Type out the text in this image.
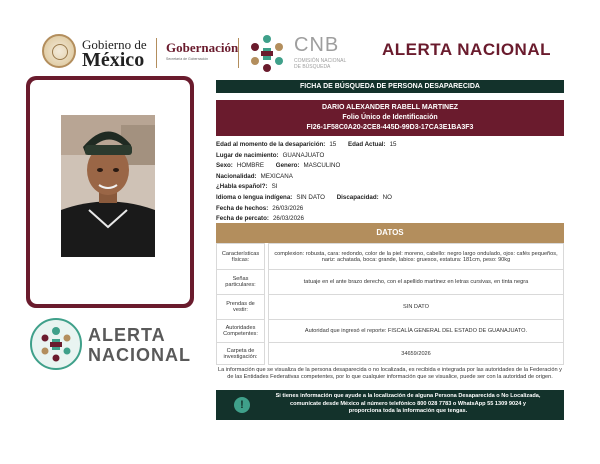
Gobierno de
México
Gobernación
Secretaría de Gobernación
CNB
COMISIÓN NACIONAL
DE BÚSQUEDA
ALERTA NACIONAL
ALERTA
NACIONAL
FICHA DE BÚSQUEDA DE PERSONA DESAPARECIDA
DARIO ALEXANDER RABELL MARTINEZ
Folio Único de Identificación
FI26-1F58C0A20-2CE8-445D-99D3-17CA3E1BA3F3
Edad al momento de la desaparición: 15 Edad Actual: 15
Lugar de nacimiento: GUANAJUATO
Sexo: HOMBRE Genero: MASCULINO
Nacionalidad: MEXICANA
¿Habla español?: SI
Idioma o lengua indígena: SIN DATO Discapacidad: NO
Fecha de hechos: 26/03/2026
Fecha de percato: 26/03/2026
DATOS
Características físicas:		complexion: robusta, cara: redondo, color de la piel: moreno, cabello: negro largo ondulado, ojos: cafés pequeños, nariz: achatada, boca: grande, labios: gruesos, estatura: 181cm, peso: 90kg
Señas particulares:		tatuaje en el ante brazo derecho, con el apellido martinez en letras cursivas, en tinta negra
Prendas de vestir:		SIN DATO
Autoridades Competentes:		Autoridad que ingresó el reporte: FISCALÍA GENERAL DEL ESTADO DE GUANAJUATO.
Carpeta de investigación:		34659/2026
La información que se visualiza de la persona desaparecida o no localizada, es recibida e integrada por las autoridades de la Federación y de las Entidades Federativas competentes, por lo que cualquier información que se visualice, puede ser con la autoridad de origen.
!
Si tienes información que ayude a la localización de alguna Persona Desaparecida o No Localizada,
comunícate desde México al número telefónico 800 028 7783 o WhatsApp 55 1309 9024 y
proporciona toda la información que tengas.
